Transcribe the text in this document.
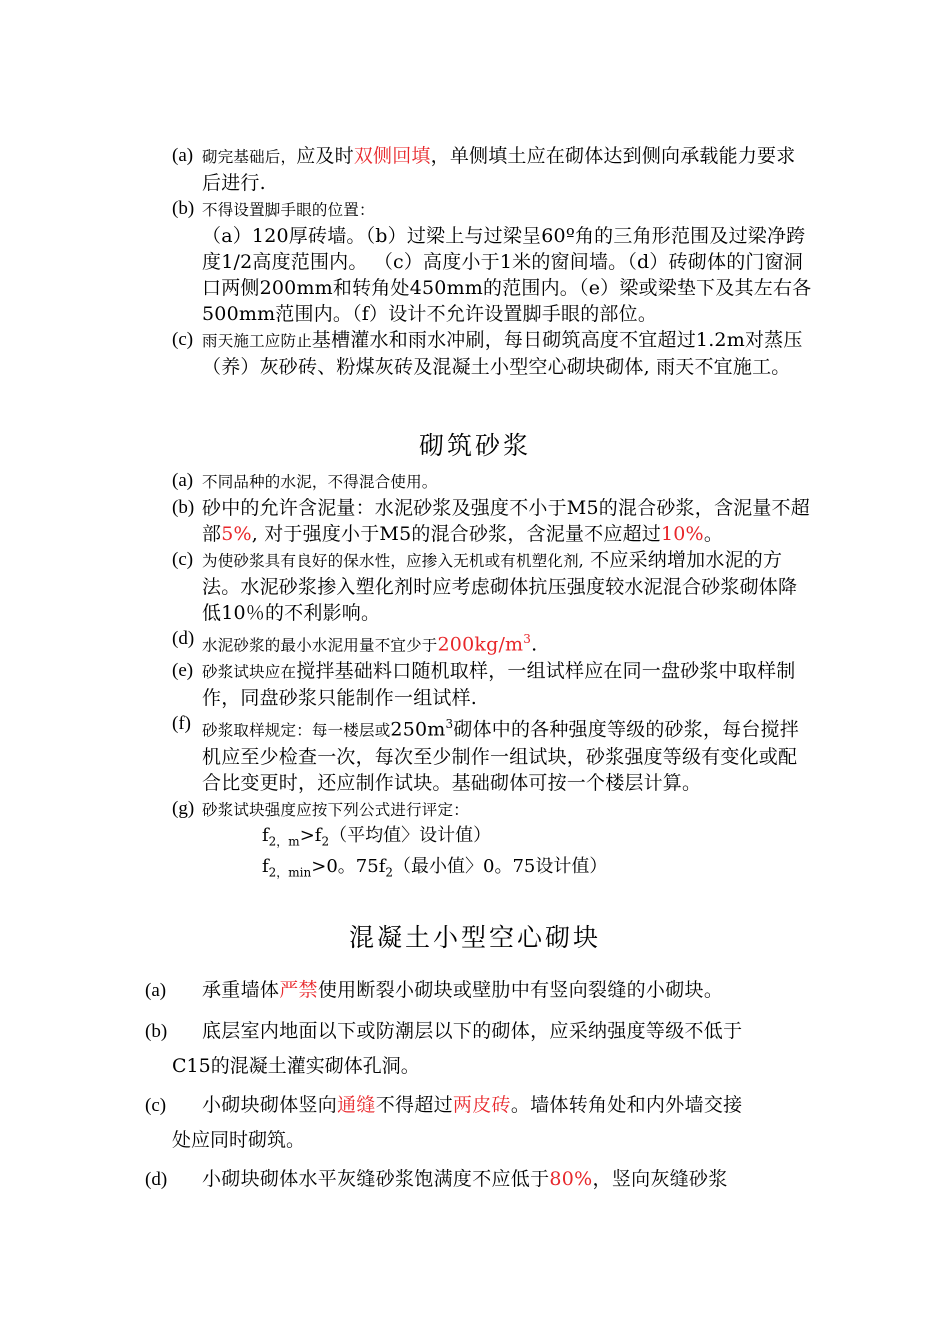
(a) 砌完基础后，应及时双侧回填，单侧填土应在砌体达到侧向承载能力要求后进行.
(b) 不得设置脚手眼的位置：
（a）120厚砖墙。（b）过梁上与过梁呈60º角的三角形范围及过梁净跨度1/2高度范围内。 （c）高度小于1米的窗间墙。（d）砖砌体的门窗洞口两侧200mm和转角处450mm的范围内。（e）梁或梁垫下及其左右各500mm范围内。（f）设计不允许设置脚手眼的部位。
(c) 雨天施工应防止基槽灌水和雨水冲刷，每日砌筑高度不宜超过1.2m对蒸压（养）灰砂砖、粉煤灰砖及混凝土小型空心砌块砌体, 雨天不宜施工。
砌筑砂浆
(a) 不同品种的水泥，不得混合使用。
(b) 砂中的允许含泥量：水泥砂浆及强度不小于M5的混合砂浆，含泥量不超部5%, 对于强度小于M5的混合砂浆，含泥量不应超过10%。
(c) 为使砂浆具有良好的保水性，应掺入无机或有机塑化剂, 不应采纳增加水泥的方法。水泥砂浆掺入塑化剂时应考虑砌体抗压强度较水泥混合砂浆砌体降低10％的不利影响。
(d) 水泥砂浆的最小水泥用量不宜少于$200kg/m^3$.
(e) 砂浆试块应在搅拌基础料口随机取样，一组试样应在同一盘砂浆中取样制作，同盘砂浆只能制作一组试样.
(f) 砂浆取样规定：每一楼层或$250m^3$砌体中的各种强度等级的砂浆，每台搅拌机应至少检查一次，每次至少制作一组试块，砂浆强度等级有变化或配合比变更时，还应制作试块。基础砌体可按一个楼层计算。
(g) 砂浆试块强度应按下列公式进行评定：
$f_{2,m}>f_2$（平均值〉设计值）
$f_{2,min}>0$。$75f_2$（最小值〉0。75设计值）
混凝土小型空心砌块
(a) 承重墙体严禁使用断裂小砌块或壁肋中有竖向裂缝的小砌块。
(b) 底层室内地面以下或防潮层以下的砌体，应采纳强度等级不低于
C15的混凝土灌实砌体孔洞。
(c) 小砌块砌体竖向通缝不得超过两皮砖。墙体转角处和内外墙交接
处应同时砌筑。
(d) 小砌块砌体水平灰缝砂浆饱满度不应低于80%，竖向灰缝砂浆
